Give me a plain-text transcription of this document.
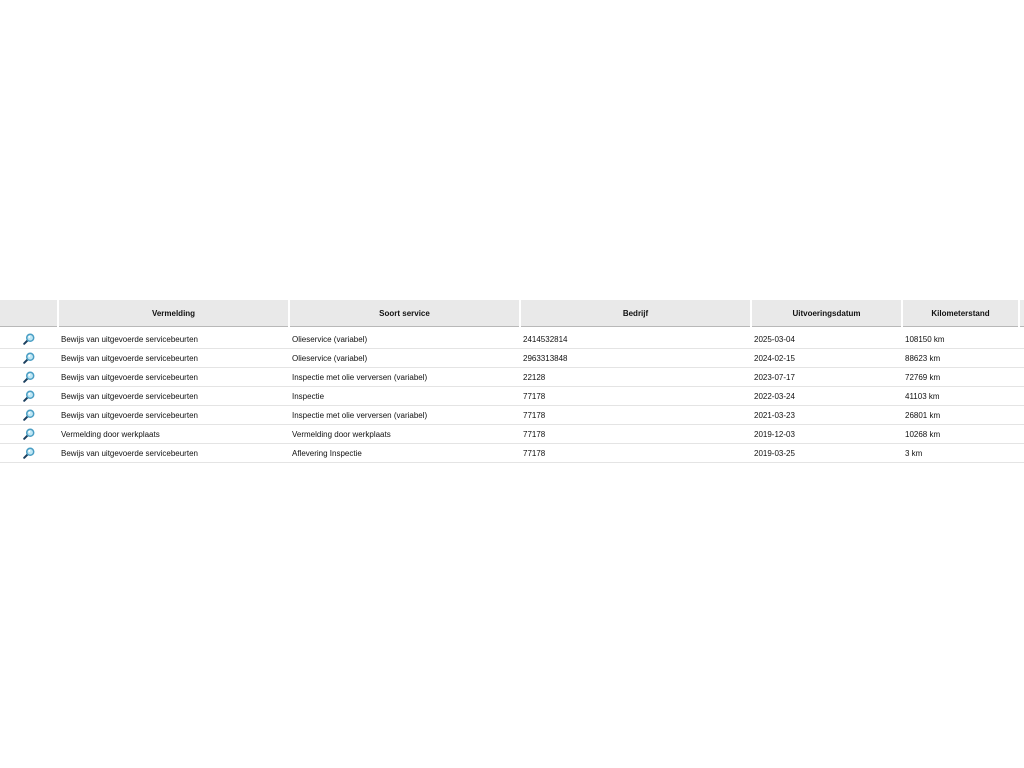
	Vermelding	Soort service	Bedrijf	Uitvoeringsdatum	Kilometerstand	
	Bewijs van uitgevoerde servicebeurten	Olieservice (variabel)	2414532814	2025-03-04	108150 km	
	Bewijs van uitgevoerde servicebeurten	Olieservice (variabel)	2963313848	2024-02-15	88623 km	
	Bewijs van uitgevoerde servicebeurten	Inspectie met olie verversen (variabel)	22128	2023-07-17	72769 km	
	Bewijs van uitgevoerde servicebeurten	Inspectie	77178	2022-03-24	41103 km	
	Bewijs van uitgevoerde servicebeurten	Inspectie met olie verversen (variabel)	77178	2021-03-23	26801 km	
	Vermelding door werkplaats	Vermelding door werkplaats	77178	2019-12-03	10268 km	
	Bewijs van uitgevoerde servicebeurten	Aflevering Inspectie	77178	2019-03-25	3 km	
